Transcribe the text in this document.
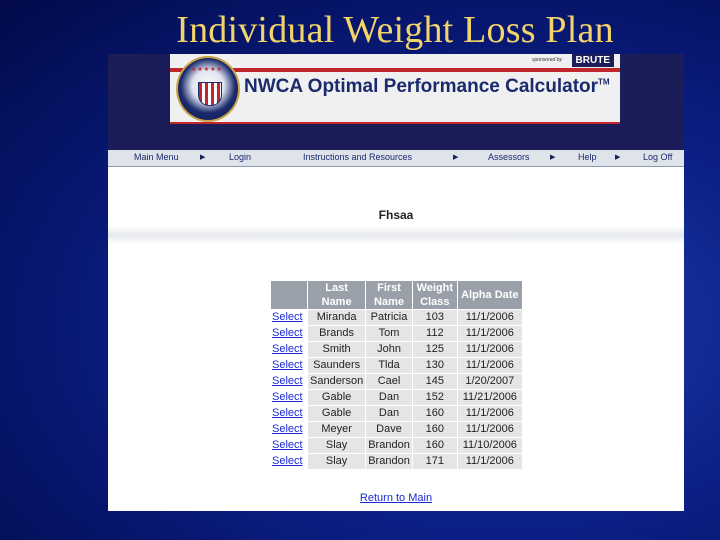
Individual Weight Loss Plan
★★★★★
sponsored by	BRUTE
NWCA Optimal Performance Calculator™
Main Menu	▶	Login	Instructions and Resources	▶	Assessors	▶	Help	▶	Log Off
Fhsaa
	Last Name	First Name	Weight Class	Alpha Date
Select	Miranda	Patricia	103	11/1/2006
Select	Brands	Tom	112	11/1/2006
Select	Smith	John	125	11/1/2006
Select	Saunders	Tlda	130	11/1/2006
Select	Sanderson	Cael	145	1/20/2007
Select	Gable	Dan	152	11/21/2006
Select	Gable	Dan	160	11/1/2006
Select	Meyer	Dave	160	11/1/2006
Select	Slay	Brandon	160	11/10/2006
Select	Slay	Brandon	171	11/1/2006
Return to Main
